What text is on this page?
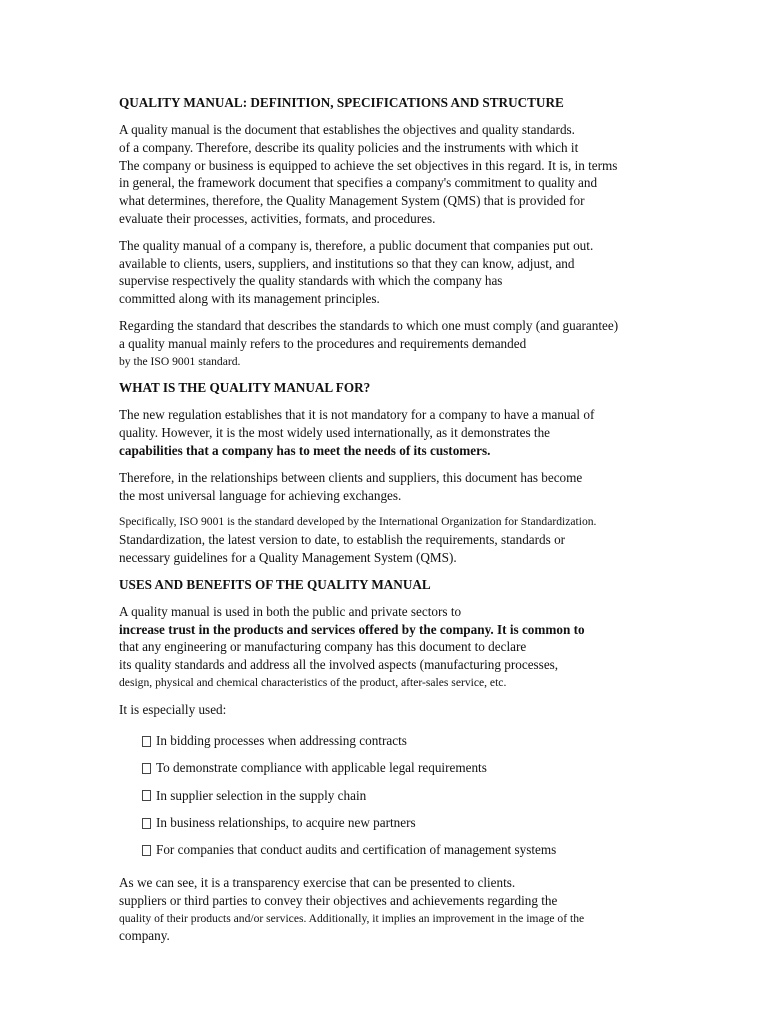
QUALITY MANUAL: DEFINITION, SPECIFICATIONS AND STRUCTURE
A quality manual is the document that establishes the objectives and quality standards.
of a company. Therefore, describe its quality policies and the instruments with which it
The company or business is equipped to achieve the set objectives in this regard. It is, in terms
in general, the framework document that specifies a company's commitment to quality and
what determines, therefore, the Quality Management System (QMS) that is provided for
evaluate their processes, activities, formats, and procedures.
The quality manual of a company is, therefore, a public document that companies put out.
available to clients, users, suppliers, and institutions so that they can know, adjust, and
supervise respectively the quality standards with which the company has
committed along with its management principles.
Regarding the standard that describes the standards to which one must comply (and guarantee)
a quality manual mainly refers to the procedures and requirements demanded
by the ISO 9001 standard.
WHAT IS THE QUALITY MANUAL FOR?
The new regulation establishes that it is not mandatory for a company to have a manual of
quality. However, it is the most widely used internationally, as it demonstrates the
capabilities that a company has to meet the needs of its customers.
Therefore, in the relationships between clients and suppliers, this document has become
the most universal language for achieving exchanges.
Specifically, ISO 9001 is the standard developed by the International Organization for Standardization.
Standardization, the latest version to date, to establish the requirements, standards or
necessary guidelines for a Quality Management System (QMS).
USES AND BENEFITS OF THE QUALITY MANUAL
A quality manual is used in both the public and private sectors to
increase trust in the products and services offered by the company. It is common to
that any engineering or manufacturing company has this document to declare
its quality standards and address all the involved aspects (manufacturing processes,
design, physical and chemical characteristics of the product, after-sales service, etc.
It is especially used:
In bidding processes when addressing contracts
To demonstrate compliance with applicable legal requirements
In supplier selection in the supply chain
In business relationships, to acquire new partners
For companies that conduct audits and certification of management systems
As we can see, it is a transparency exercise that can be presented to clients.
suppliers or third parties to convey their objectives and achievements regarding the
quality of their products and/or services. Additionally, it implies an improvement in the image of the
company.
